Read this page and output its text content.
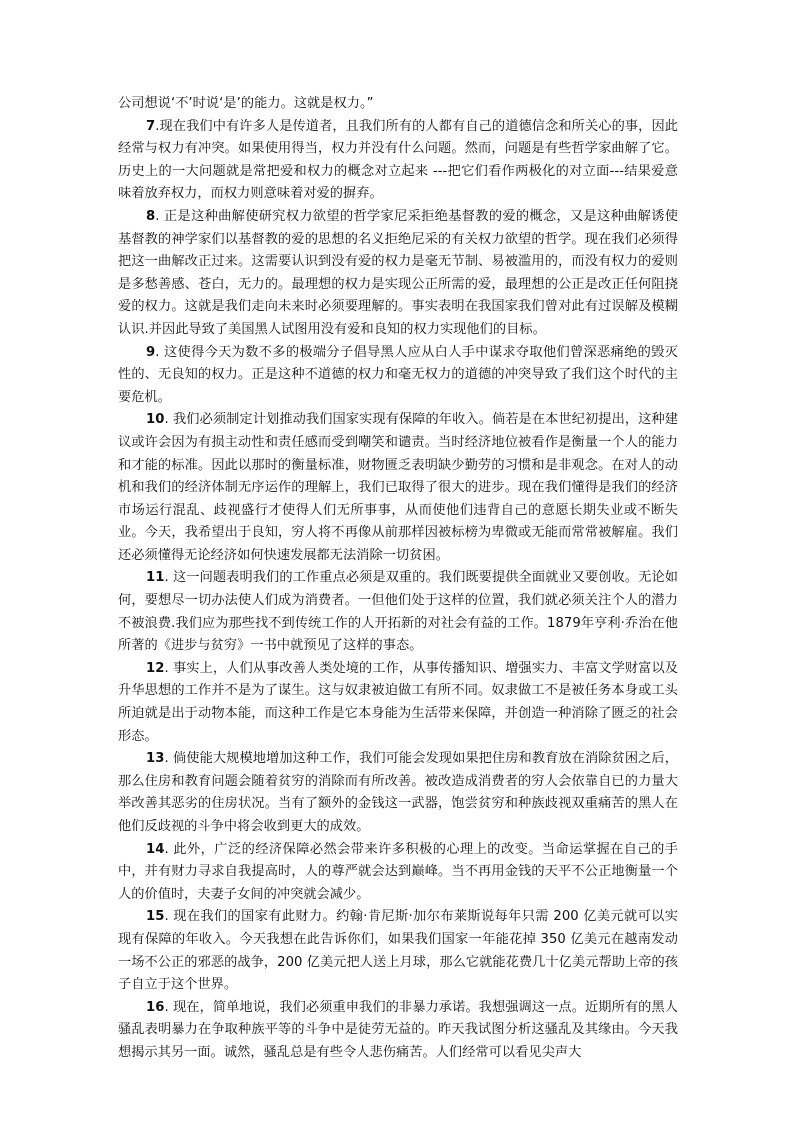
公司想说‘不’时说‘是’的能力。这就是权力。”

7.现在我们中有许多人是传道者，且我们所有的人都有自己的道德信念和所关心的事，因此经常与权力有冲突。如果使用得当，权力并没有什么问题。然而，问题是有些哲学家曲解了它。历史上的一大问题就是常把爱和权力的概念对立起来 ---把它们看作两极化的对立面---结果爱意味着放弃权力，而权力则意味着对爱的摒弃。

8. 正是这种曲解使研究权力欲望的哲学家尼采拒绝基督教的爱的概念，又是这种曲解诱使基督教的神学家们以基督教的爱的思想的名义拒绝尼采的有关权力欲望的哲学。现在我们必须得把这一曲解改正过来。这需要认识到没有爱的权力是毫无节制、易被滥用的，而没有权力的爱则是多愁善感、苍白，无力的。最理想的权力是实现公正所需的爱，最理想的公正是改正任何阻挠爱的权力。这就是我们走向未来时必须要理解的。事实表明在我国家我们曾对此有过误解及模糊认识.并因此导致了美国黑人试图用没有爱和良知的权力实现他们的目标。

9. 这使得今天为数不多的极端分子倡导黑人应从白人手中谋求夺取他们曾深恶痛绝的毁灭性的、无良知的权力。正是这种不道德的权力和毫无权力的道德的冲突导致了我们这个时代的主要危机。

10. 我们必须制定计划推动我们国家实现有保障的年收入。倘若是在本世纪初提出，这种建议或许会因为有损主动性和责任感而受到嘲笑和谴责。当时经济地位被看作是衡量一个人的能力和才能的标准。因此以那时的衡量标准，财物匮乏表明缺少勤劳的习惯和是非观念。在对人的动机和我们的经济体制无序运作的理解上，我们已取得了很大的进步。现在我们懂得是我们的经济市场运行混乱、歧视盛行才使得人们无所事事，从而使他们违背自己的意愿长期失业或不断失业。今天，我希望出于良知，穷人将不再像从前那样因被标榜为卑微或无能而常常被解雇。我们还必须懂得无论经济如何快速发展都无法消除一切贫困。

11. 这一问题表明我们的工作重点必须是双重的。我们既要提供全面就业又要创收。无论如何，要想尽一切办法使人们成为消费者。一但他们处于这样的位置，我们就必须关注个人的潜力不被浪费.我们应为那些找不到传统工作的人开拓新的对社会有益的工作。1879年亨利·乔治在他所著的《进步与贫穷》一书中就预见了这样的事态。

12. 事实上，人们从事改善人类处境的工作，从事传播知识、增强实力、丰富文学财富以及升华思想的工作并不是为了谋生。这与奴隶被迫做工有所不同。奴隶做工不是被任务本身或工头所迫就是出于动物本能，而这种工作是它本身能为生活带来保障，并创造一种消除了匮乏的社会形态。

13. 倘使能大规模地增加这种工作，我们可能会发现如果把住房和教育放在消除贫困之后，那么住房和教育问题会随着贫穷的消除而有所改善。被改造成消费者的穷人会依靠自已的力量大举改善其恶劣的住房状况。当有了额外的金钱这一武器，饱尝贫穷和种族歧视双重痛苦的黑人在他们反歧视的斗争中将会收到更大的成效。

14. 此外，广泛的经济保障必然会带来许多积极的心理上的改变。当命运掌握在自己的手中，并有财力寻求自我提高时，人的尊严就会达到巅峰。当不再用金钱的天平不公正地衡量一个人的价值时，夫妻子女间的冲突就会减少。

15. 现在我们的国家有此财力。约翰·肯尼斯·加尔布莱斯说每年只需 200 亿美元就可以实现有保障的年收入。今天我想在此告诉你们，如果我们国家一年能花掉 350 亿美元在越南发动一场不公正的邪恶的战争，200 亿美元把人送上月球，那么它就能花费几十亿美元帮助上帝的孩子自立于这个世界。

16. 现在，简单地说，我们必须重申我们的非暴力承诺。我想强调这一点。近期所有的黑人骚乱表明暴力在争取种族平等的斗争中是徒劳无益的。昨天我试图分析这骚乱及其缘由。今天我想揭示其另一面。诚然，骚乱总是有些令人悲伤痛苦。人们经常可以看见尖声大
